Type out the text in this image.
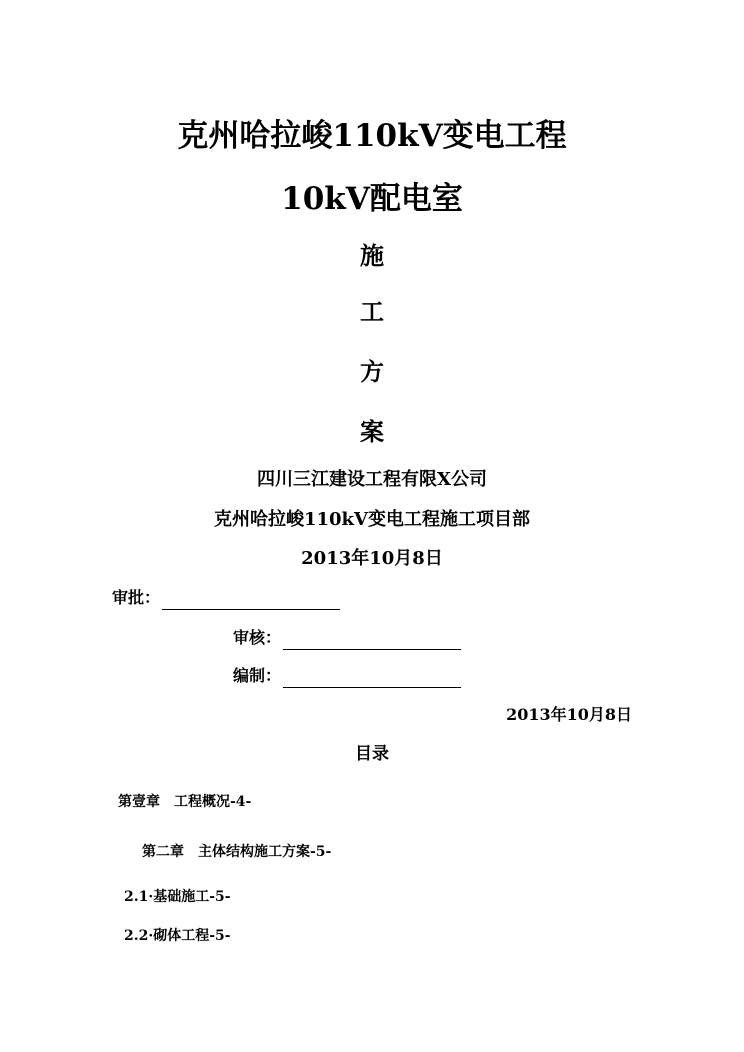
克州哈拉峻110kV变电工程
10kV配电室
施
工
方
案
四川三江建设工程有限X公司
克州哈拉峻110kV变电工程施工项目部
2013年10月8日
审批：
审核：
编制：
2013年10月8日
目录
第壹章 工程概况-4-
第二章 主体结构施工方案-5-
2.1·基础施工-5-
2.2·砌体工程-5-
